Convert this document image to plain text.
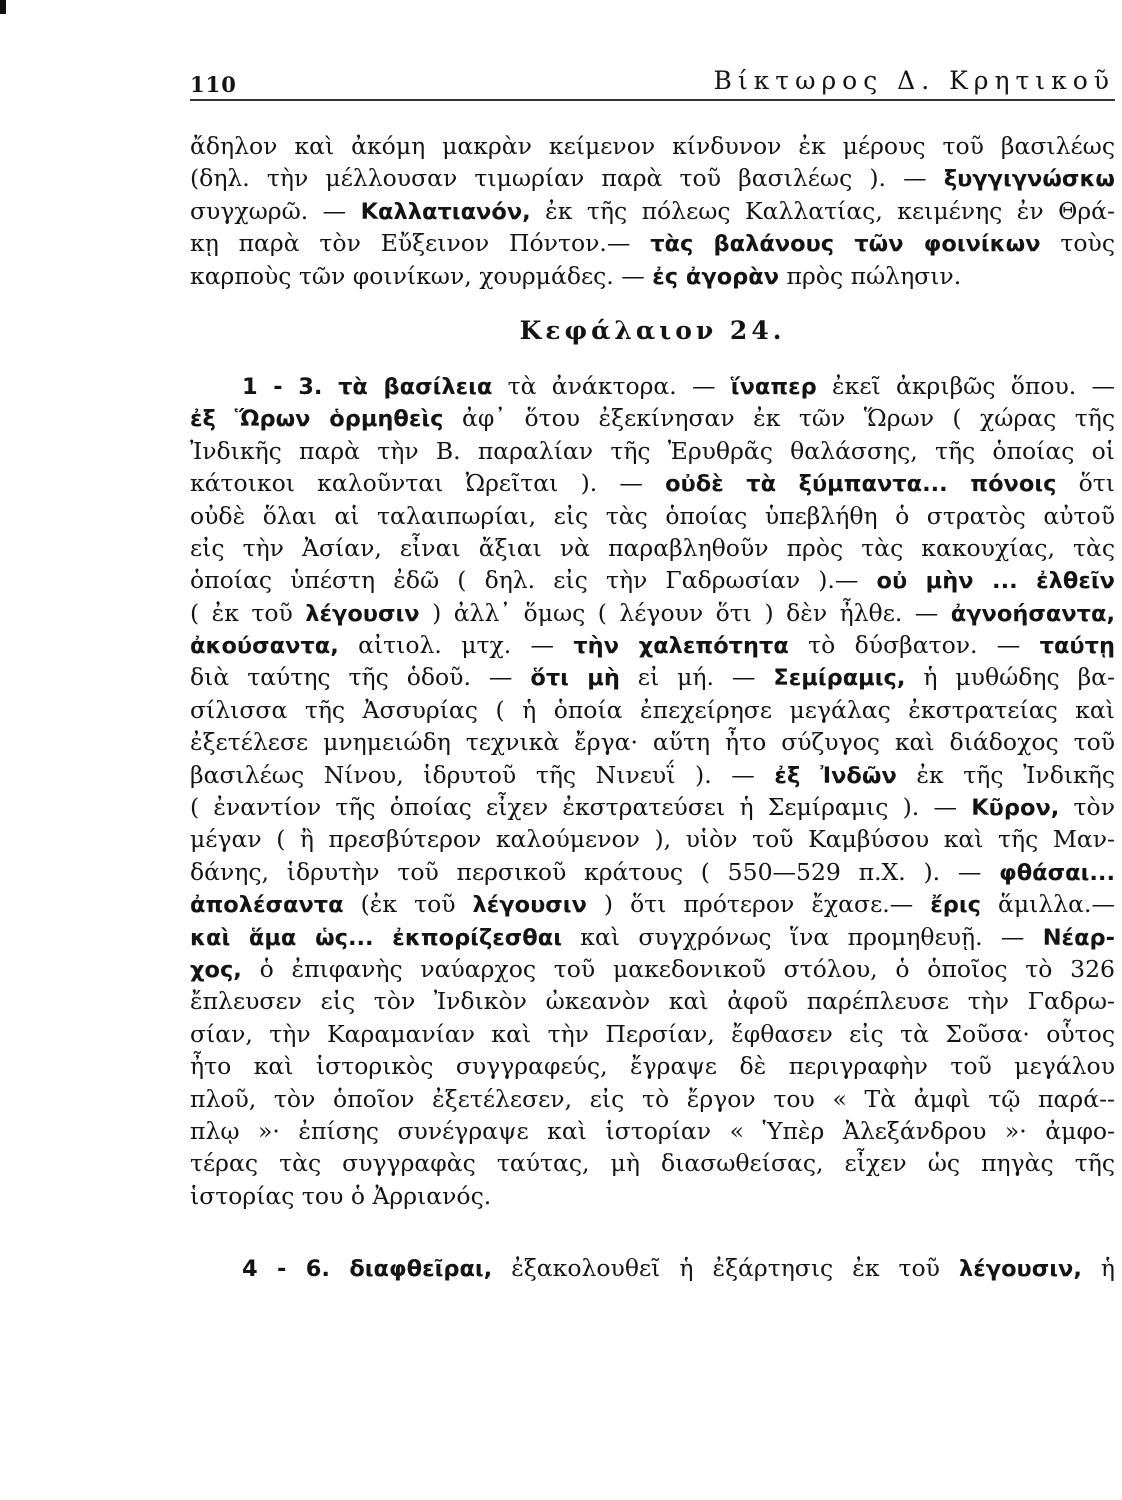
110	Βίκτωρος Δ. Κρητικοῦ
ἄδηλον καὶ ἀκόμη μακρὰν κείμενον κίνδυνον ἐκ μέρους τοῦ βασιλέως
(δηλ. τὴν μέλλουσαν τιμωρίαν παρὰ τοῦ βασιλέως ). — ξυγγιγνώσκω
συγχωρῶ. — Καλλατιανόν, ἐκ τῆς πόλεως Καλλατίας, κειμένης ἐν Θρά-
κῃ παρὰ τὸν Εὔξεινον Πόντον.— τὰς βαλάνους τῶν φοινίκων τοὺς
καρποὺς τῶν φοινίκων, χουρμάδες. — ἐς ἀγορὰν πρὸς πώλησιν.
Κεφάλαιον 24.
1 - 3. τὰ βασίλεια τὰ ἀνάκτορα. — ἵναπερ ἐκεῖ ἀκριβῶς ὅπου. —
ἐξ Ὥρων ὁρμηθεὶς ἀφ᾽ ὅτου ἐξεκίνησαν ἐκ τῶν Ὥρων ( χώρας τῆς
Ἰνδικῆς παρὰ τὴν Β. παραλίαν τῆς Ἐρυθρᾶς θαλάσσης, τῆς ὁποίας οἱ
κάτοικοι καλοῦνται Ὠρεῖται ). — οὐδὲ τὰ ξύμπαντα... πόνοις ὅτι
οὐδὲ ὅλαι αἱ ταλαιπωρίαι, εἰς τὰς ὁποίας ὑπεβλήθη ὁ στρατὸς αὐτοῦ
εἰς τὴν Ἀσίαν, εἶναι ἄξιαι νὰ παραβληθοῦν πρὸς τὰς κακουχίας, τὰς
ὁποίας ὑπέστη ἐδῶ ( δηλ. εἰς τὴν Γαδρωσίαν ).— οὐ μὴν ... ἐλθεῖν
( ἐκ τοῦ λέγουσιν ) ἀλλ᾽ ὅμως ( λέγουν ὅτι ) δὲν ἦλθε. — ἀγνοήσαντα,
ἀκούσαντα, αἰτιολ. μτχ. — τὴν χαλεπότητα τὸ δύσβατον. — ταύτῃ
διὰ ταύτης τῆς ὁδοῦ. — ὅτι μὴ εἰ μή. — Σεμίραμις, ἡ μυθώδης βα-
σίλισσα τῆς Ἀσσυρίας ( ἡ ὁποία ἐπεχείρησε μεγάλας ἐκστρατείας καὶ
ἐξετέλεσε μνημειώδη τεχνικὰ ἔργα· αὕτη ἦτο σύζυγος καὶ διάδοχος τοῦ
βασιλέως Νίνου, ἱδρυτοῦ τῆς Νινευΐ ). — ἐξ Ἰνδῶν ἐκ τῆς Ἰνδικῆς
( ἐναντίον τῆς ὁποίας εἶχεν ἐκστρατεύσει ἡ Σεμίραμις ). — Κῦρον, τὸν
μέγαν ( ἢ πρεσβύτερον καλούμενον ), υἱὸν τοῦ Καμβύσου καὶ τῆς Μαν-
δάνης, ἱδρυτὴν τοῦ περσικοῦ κράτους ( 550—529 π.Χ. ). — φθάσαι...
ἀπολέσαντα (ἐκ τοῦ λέγουσιν ) ὅτι πρότερον ἔχασε.— ἔρις ἅμιλλα.—
καὶ ἅμα ὡς... ἐκπορίζεσθαι καὶ συγχρόνως ἵνα προμηθευῇ. — Νέαρ-
χος, ὁ ἐπιφανὴς ναύαρχος τοῦ μακεδονικοῦ στόλου, ὁ ὁποῖος τὸ 326
ἔπλευσεν εἰς τὸν Ἰνδικὸν ὠκεανὸν καὶ ἀφοῦ παρέπλευσε τὴν Γαδρω-
σίαν, τὴν Καραμανίαν καὶ τὴν Περσίαν, ἔφθασεν εἰς τὰ Σοῦσα· οὗτος
ἦτο καὶ ἱστορικὸς συγγραφεύς, ἔγραψε δὲ περιγραφὴν τοῦ μεγάλου
πλοῦ, τὸν ὁποῖον ἐξετέλεσεν, εἰς τὸ ἔργον του « Τὰ ἀμφὶ τῷ παρά--
πλῳ »· ἐπίσης συνέγραψε καὶ ἱστορίαν « Ὑπὲρ Ἀλεξάνδρου »· ἀμφο-
τέρας τὰς συγγραφὰς ταύτας, μὴ διασωθείσας, εἶχεν ὡς πηγὰς τῆς
ἱστορίας του ὁ Ἀρριανός.
4 - 6. διαφθεῖραι, ἐξακολουθεῖ ἡ ἐξάρτησις ἐκ τοῦ λέγουσιν, ἡ
